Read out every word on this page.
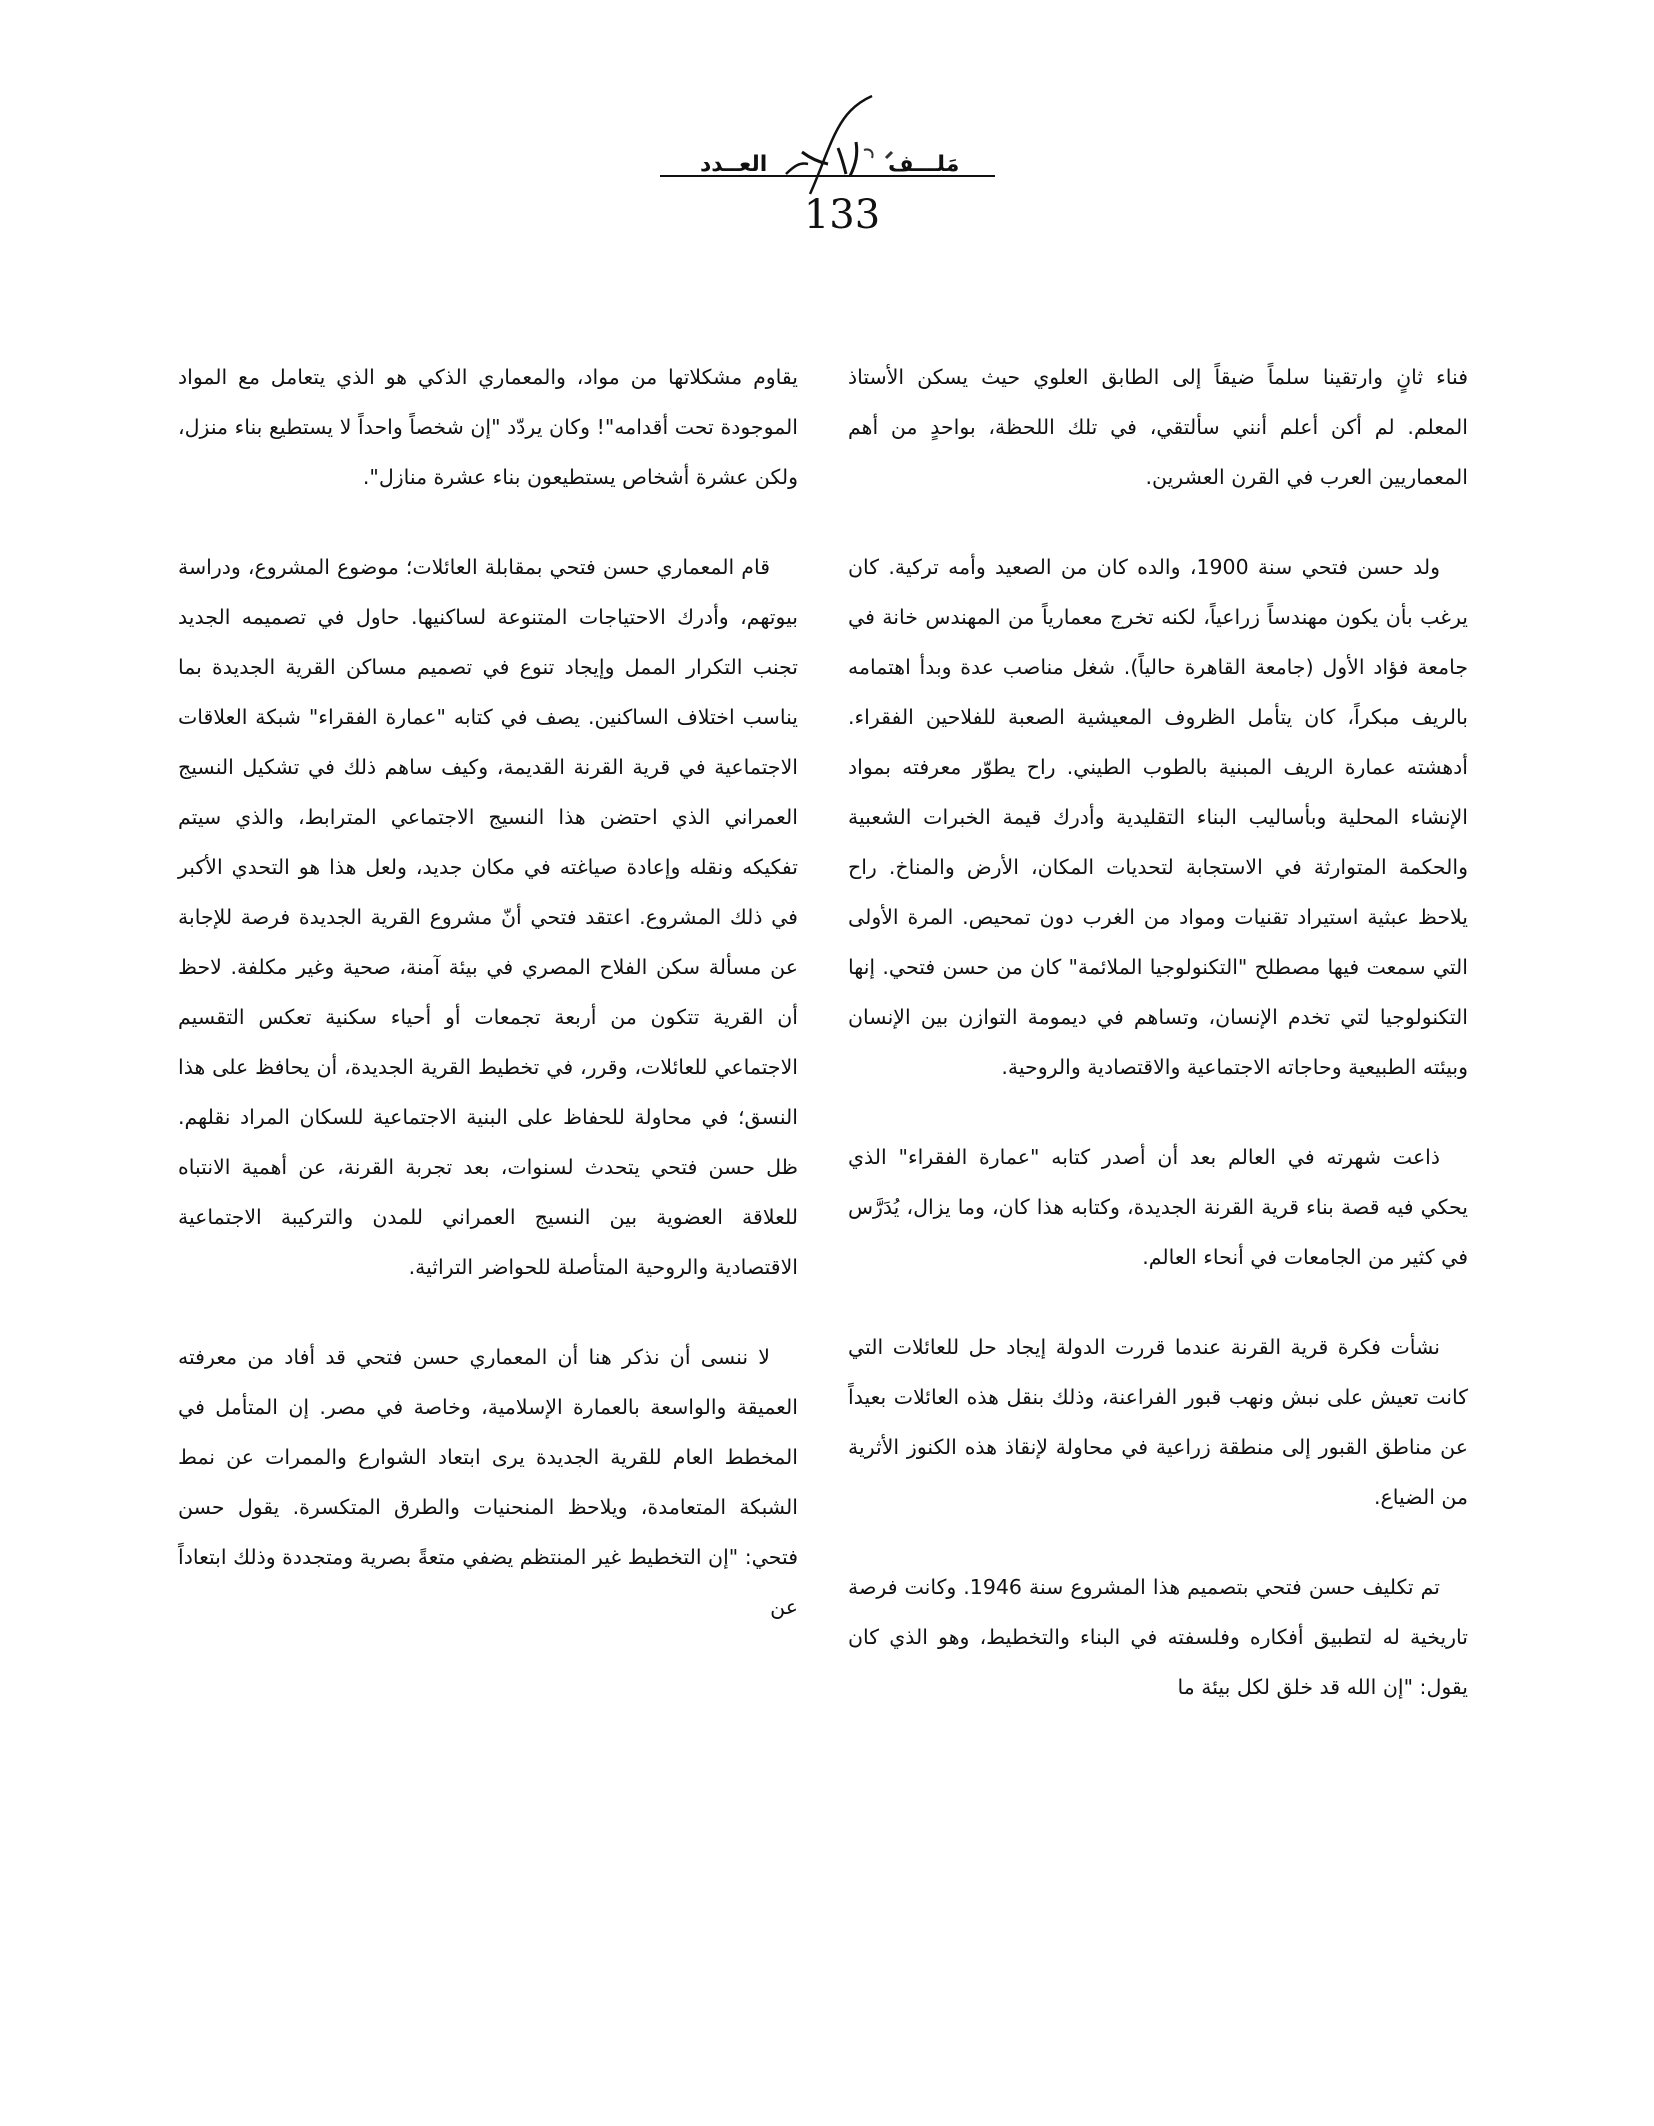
العــدد	مَلـــف
133

فناء ثانٍ وارتقينا سلماً ضيقاً إلى الطابق العلوي حيث يسكن الأستاذ المعلم. لم أكن أعلم أنني سألتقي، في تلك اللحظة، بواحدٍ من أهم المعماريين العرب في القرن العشرين.

ولد حسن فتحي سنة 1900، والده كان من الصعيد وأمه تركية. كان يرغب بأن يكون مهندساً زراعياً، لكنه تخرج معمارياً من المهندس خانة في جامعة فؤاد الأول (جامعة القاهرة حالياً). شغل مناصب عدة وبدأ اهتمامه بالريف مبكراً، كان يتأمل الظروف المعيشية الصعبة للفلاحين الفقراء. أدهشته عمارة الريف المبنية بالطوب الطيني. راح يطوّر معرفته بمواد الإنشاء المحلية وبأساليب البناء التقليدية وأدرك قيمة الخبرات الشعبية والحكمة المتوارثة في الاستجابة لتحديات المكان، الأرض والمناخ. راح يلاحظ عبثية استيراد تقنيات ومواد من الغرب دون تمحيص. المرة الأولى التي سمعت فيها مصطلح "التكنولوجيا الملائمة" كان من حسن فتحي. إنها التكنولوجيا لتي تخدم الإنسان، وتساهم في ديمومة التوازن بين الإنسان وبيئته الطبيعية وحاجاته الاجتماعية والاقتصادية والروحية.

ذاعت شهرته في العالم بعد أن أصدر كتابه "عمارة الفقراء" الذي يحكي فيه قصة بناء قرية القرنة الجديدة، وكتابه هذا كان، وما يزال، يُدَرَّس في كثير من الجامعات في أنحاء العالم.

نشأت فكرة قرية القرنة عندما قررت الدولة إيجاد حل للعائلات التي كانت تعيش على نبش ونهب قبور الفراعنة، وذلك بنقل هذه العائلات بعيداً عن مناطق القبور إلى منطقة زراعية في محاولة لإنقاذ هذه الكنوز الأثرية من الضياع.

تم تكليف حسن فتحي بتصميم هذا المشروع سنة 1946. وكانت فرصة تاريخية له لتطبيق أفكاره وفلسفته في البناء والتخطيط، وهو الذي كان يقول: "إن الله قد خلق لكل بيئة ما

يقاوم مشكلاتها من مواد، والمعماري الذكي هو الذي يتعامل مع المواد الموجودة تحت أقدامه"! وكان يردّد "إن شخصاً واحداً لا يستطيع بناء منزل، ولكن عشرة أشخاص يستطيعون بناء عشرة منازل".

قام المعماري حسن فتحي بمقابلة العائلات؛ موضوع المشروع، ودراسة بيوتهم، وأدرك الاحتياجات المتنوعة لساكنيها. حاول في تصميمه الجديد تجنب التكرار الممل وإيجاد تنوع في تصميم مساكن القرية الجديدة بما يناسب اختلاف الساكنين. يصف في كتابه "عمارة الفقراء" شبكة العلاقات الاجتماعية في قرية القرنة القديمة، وكيف ساهم ذلك في تشكيل النسيج العمراني الذي احتضن هذا النسيج الاجتماعي المترابط، والذي سيتم تفكيكه ونقله وإعادة صياغته في مكان جديد، ولعل هذا هو التحدي الأكبر في ذلك المشروع. اعتقد فتحي أنّ مشروع القرية الجديدة فرصة للإجابة عن مسألة سكن الفلاح المصري في بيئة آمنة، صحية وغير مكلفة. لاحظ أن القرية تتكون من أربعة تجمعات أو أحياء سكنية تعكس التقسيم الاجتماعي للعائلات، وقرر، في تخطيط القرية الجديدة، أن يحافظ على هذا النسق؛ في محاولة للحفاظ على البنية الاجتماعية للسكان المراد نقلهم. ظل حسن فتحي يتحدث لسنوات، بعد تجربة القرنة، عن أهمية الانتباه للعلاقة العضوية بين النسيج العمراني للمدن والتركيبة الاجتماعية الاقتصادية والروحية المتأصلة للحواضر التراثية.

لا ننسى أن نذكر هنا أن المعماري حسن فتحي قد أفاد من معرفته العميقة والواسعة بالعمارة الإسلامية، وخاصة في مصر. إن المتأمل في المخطط العام للقرية الجديدة يرى ابتعاد الشوارع والممرات عن نمط الشبكة المتعامدة، ويلاحظ المنحنيات والطرق المتكسرة. يقول حسن فتحي: "إن التخطيط غير المنتظم يضفي متعةً بصرية ومتجددة وذلك ابتعاداً عن
